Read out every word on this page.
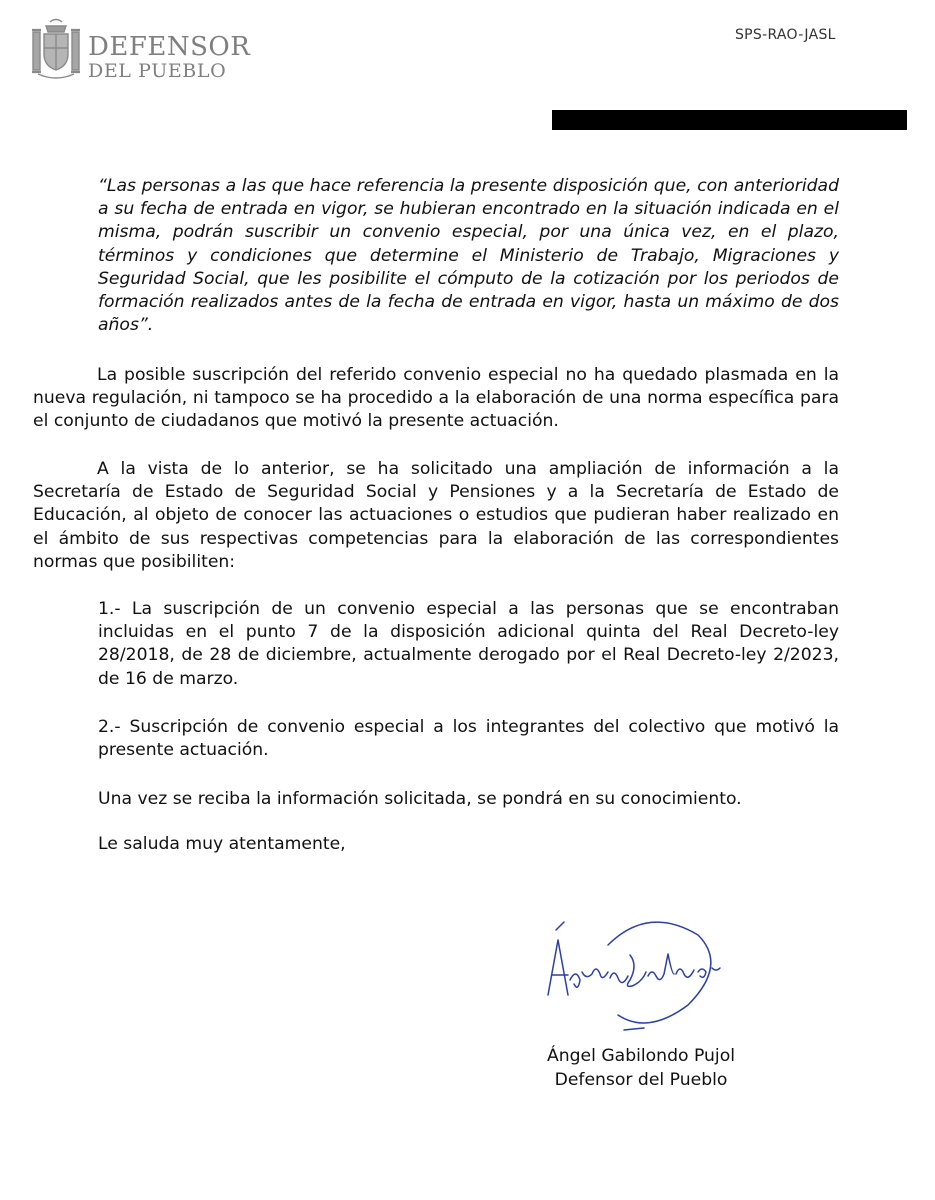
DEFENSOR
DEL PUEBLO
SPS-RAO-JASL
“Las personas a las que hace referencia la presente disposición que, con anterioridad a su fecha de entrada en vigor, se hubieran encontrado en la situación indicada en el misma, podrán suscribir un convenio especial, por una única vez, en el plazo, términos y condiciones que determine el Ministerio de Trabajo, Migraciones y Seguridad Social, que les posibilite el cómputo de la cotización por los periodos de formación realizados antes de la fecha de entrada en vigor, hasta un máximo de dos años”.
La posible suscripción del referido convenio especial no ha quedado plasmada en la nueva regulación, ni tampoco se ha procedido a la elaboración de una norma específica para el conjunto de ciudadanos que motivó la presente actuación.
A la vista de lo anterior, se ha solicitado una ampliación de información a la Secretaría de Estado de Seguridad Social y Pensiones y a la Secretaría de Estado de Educación, al objeto de conocer las actuaciones o estudios que pudieran haber realizado en el ámbito de sus respectivas competencias para la elaboración de las correspondientes normas que posibiliten:
1.- La suscripción de un convenio especial a las personas que se encontraban incluidas en el punto 7 de la disposición adicional quinta del Real Decreto-ley 28/2018, de 28 de diciembre, actualmente derogado por el Real Decreto-ley 2/2023, de 16 de marzo.
2.- Suscripción de convenio especial a los integrantes del colectivo que motivó la presente actuación.
Una vez se reciba la información solicitada, se pondrá en su conocimiento.
Le saluda muy atentamente,
Ángel Gabilondo Pujol
Defensor del Pueblo
